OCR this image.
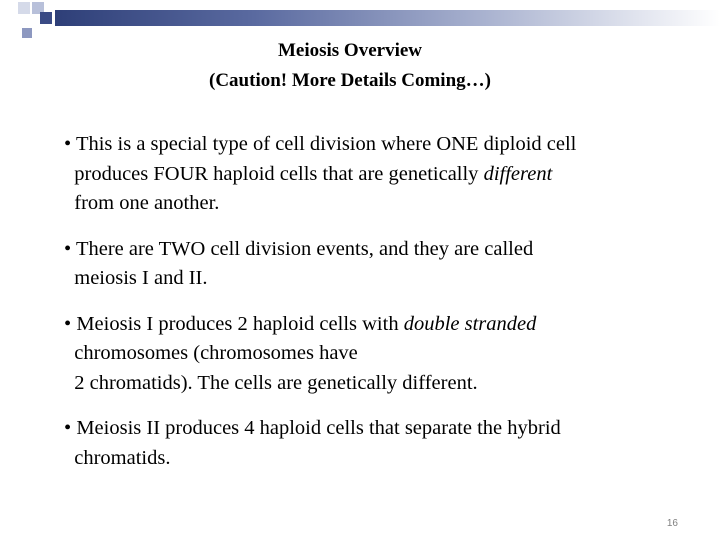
Meiosis Overview
(Caution! More Details Coming…)
• This is a special type of cell division where ONE diploid cell
produces FOUR haploid cells that are genetically different
from one another.
• There are TWO cell division events, and they are called
meiosis I and II.
• Meiosis I produces 2 haploid cells with double stranded
chromosomes (chromosomes have
2 chromatids). The cells are genetically different.
• Meiosis II produces 4 haploid cells that separate the hybrid
chromatids.
16
